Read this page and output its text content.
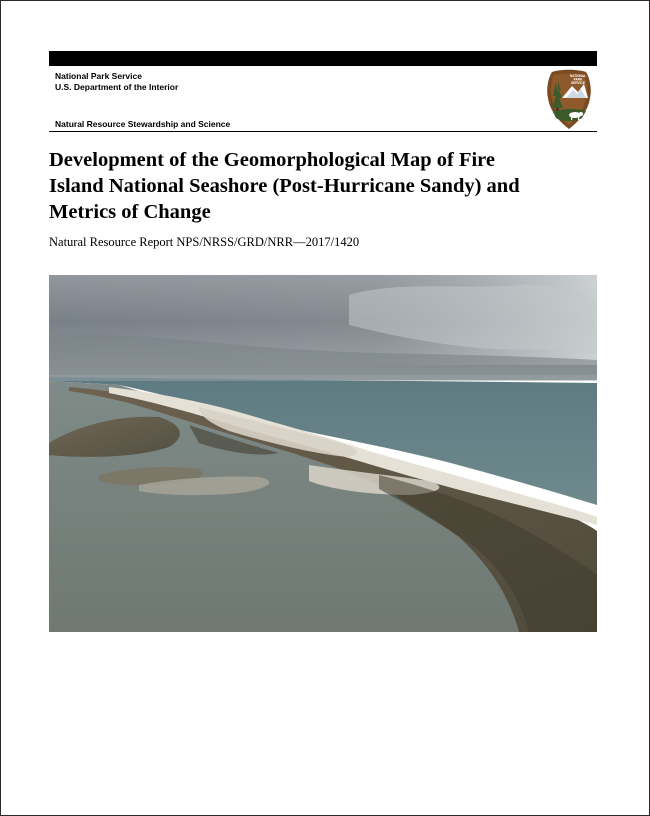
National Park Service
U.S. Department of the Interior
Natural Resource Stewardship and Science
NATIONAL
PARK
SERVICE
Development of the Geomorphological Map of Fire
Island National Seashore (Post-Hurricane Sandy) and
Metrics of Change
Natural Resource Report NPS/NRSS/GRD/NRR—2017/1420
